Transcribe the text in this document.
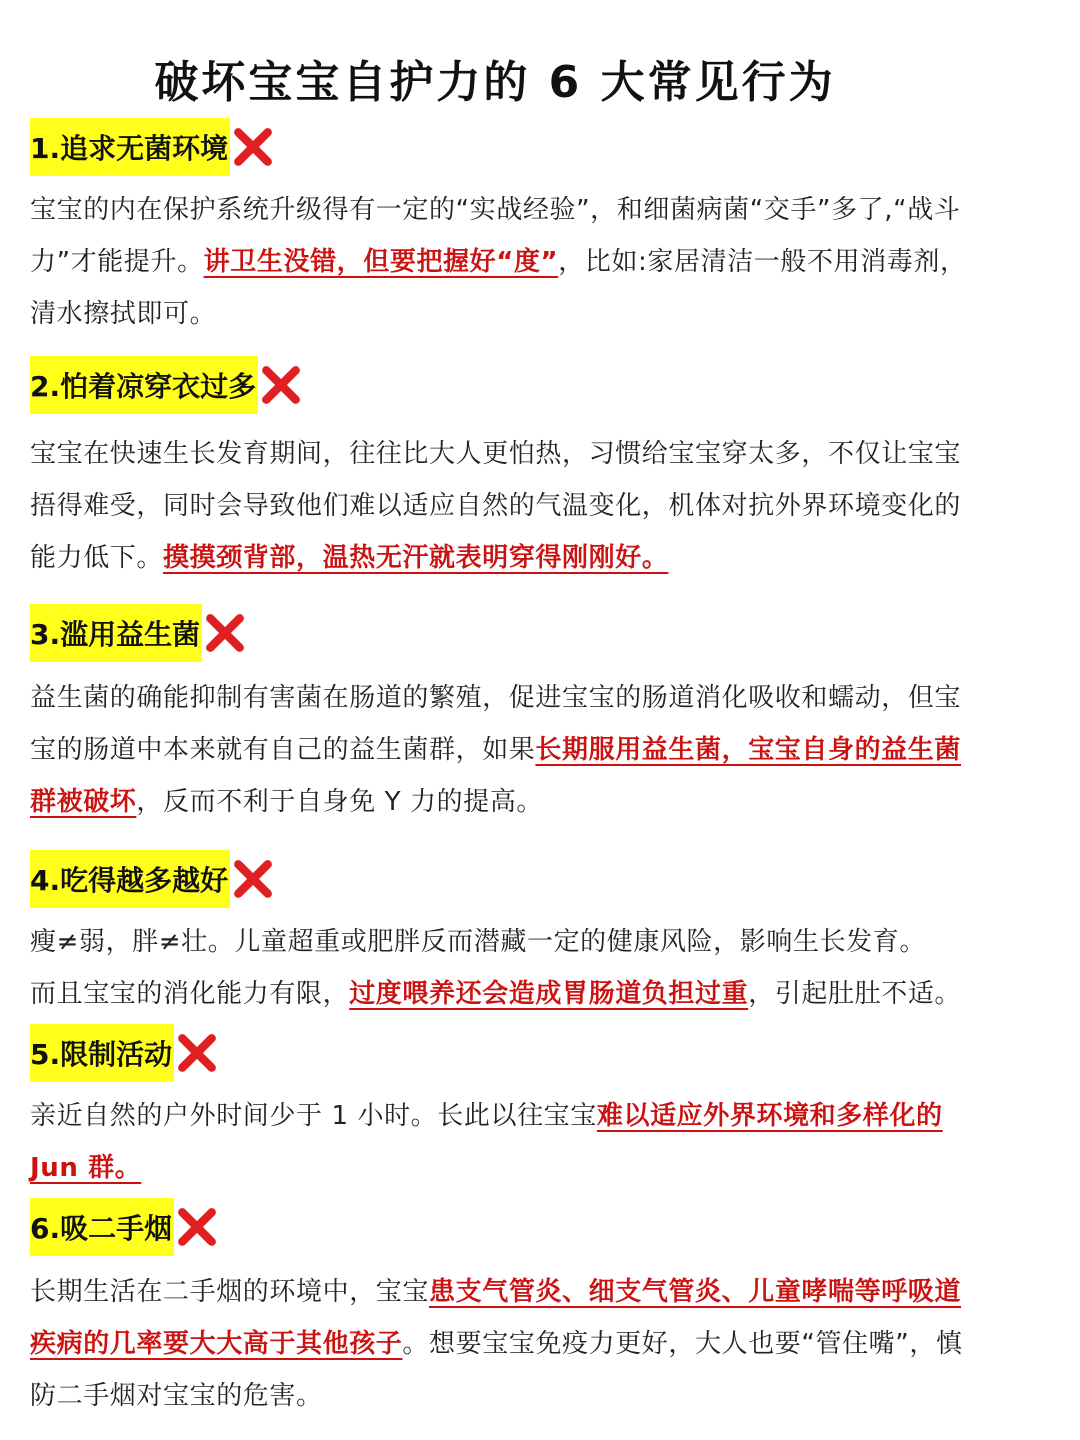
破坏宝宝自护力的 6 大常见行为
1.追求无菌环境
宝宝的内在保护系统升级得有一定的“实战经验”，和细菌病菌“交手”多了,“战斗力”才能提升。讲卫生没错，但要把握好“度”，比如:家居清洁一般不用消毒剂，清水擦拭即可。
2.怕着凉穿衣过多
宝宝在快速生长发育期间，往往比大人更怕热，习惯给宝宝穿太多，不仅让宝宝捂得难受，同时会导致他们难以适应自然的气温变化，机体对抗外界环境变化的能力低下。摸摸颈背部，温热无汗就表明穿得刚刚好。
3.滥用益生菌
益生菌的确能抑制有害菌在肠道的繁殖，促进宝宝的肠道消化吸收和蠕动，但宝宝的肠道中本来就有自己的益生菌群，如果长期服用益生菌，宝宝自身的益生菌群被破坏，反而不利于自身免 Y 力的提高。
4.吃得越多越好
瘦≠弱，胖≠壮。儿童超重或肥胖反而潜藏一定的健康风险，影响生长发育。
而且宝宝的消化能力有限，过度喂养还会造成胃肠道负担过重，引起肚肚不适。
5.限制活动
亲近自然的户外时间少于 1 小时。长此以往宝宝难以适应外界环境和多样化的Jun 群。
6.吸二手烟
长期生活在二手烟的环境中，宝宝患支气管炎、细支气管炎、儿童哮喘等呼吸道疾病的几率要大大高于其他孩子。想要宝宝免疫力更好，大人也要“管住嘴”，慎防二手烟对宝宝的危害。
